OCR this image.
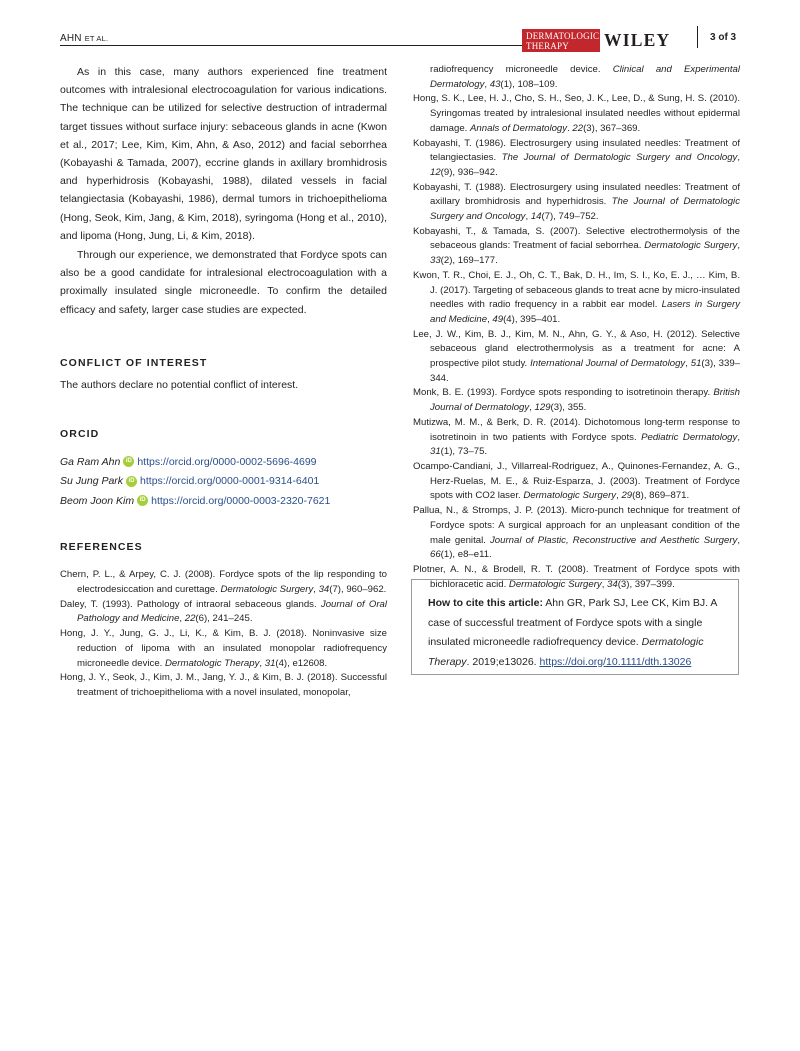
AHN ET AL.	DERMATOLOGIC
THERAPY	WILEY	3 of 3

As in this case, many authors experienced fine treatment outcomes with intralesional electrocoagulation for various indications. The technique can be utilized for selective destruction of intradermal target tissues without surface injury: sebaceous glands in acne (Kwon et al., 2017; Lee, Kim, Kim, Ahn, & Aso, 2012) and facial seborrhea (Kobayashi & Tamada, 2007), eccrine glands in axillary bromhidrosis and hyperhidrosis (Kobayashi, 1988), dilated vessels in facial telangiectasia (Kobayashi, 1986), dermal tumors in trichoepithelioma (Hong, Seok, Kim, Jang, & Kim, 2018), syringoma (Hong et al., 2010), and lipoma (Hong, Jung, Li, & Kim, 2018).

Through our experience, we demonstrated that Fordyce spots can also be a good candidate for intralesional electrocoagulation with a proximally insulated single microneedle. To confirm the detailed efficacy and safety, larger case studies are expected.

CONFLICT OF INTEREST
The authors declare no potential conflict of interest.
ORCID
Ga Ram Ahn iD https://orcid.org/0000-0002-5696-4699
Su Jung Park iD https://orcid.org/0000-0001-9314-6401
Beom Joon Kim iD https://orcid.org/0000-0003-2320-7621
REFERENCES

Chern, P. L., & Arpey, C. J. (2008). Fordyce spots of the lip responding to electrodesiccation and curettage. Dermatologic Surgery, 34(7), 960–962.

Daley, T. (1993). Pathology of intraoral sebaceous glands. Journal of Oral Pathology and Medicine, 22(6), 241–245.

Hong, J. Y., Jung, G. J., Li, K., & Kim, B. J. (2018). Noninvasive size reduction of lipoma with an insulated monopolar radiofrequency microneedle device. Dermatologic Therapy, 31(4), e12608.

Hong, J. Y., Seok, J., Kim, J. M., Jang, Y. J., & Kim, B. J. (2018). Successful treatment of trichoepithelioma with a novel insulated, monopolar,

radiofrequency microneedle device. Clinical and Experimental Dermatology, 43(1), 108–109.

Hong, S. K., Lee, H. J., Cho, S. H., Seo, J. K., Lee, D., & Sung, H. S. (2010). Syringomas treated by intralesional insulated needles without epidermal damage. Annals of Dermatology. 22(3), 367–369.

Kobayashi, T. (1986). Electrosurgery using insulated needles: Treatment of telangiectasies. The Journal of Dermatologic Surgery and Oncology, 12(9), 936–942.

Kobayashi, T. (1988). Electrosurgery using insulated needles: Treatment of axillary bromhidrosis and hyperhidrosis. The Journal of Dermatologic Surgery and Oncology, 14(7), 749–752.

Kobayashi, T., & Tamada, S. (2007). Selective electrothermolysis of the sebaceous glands: Treatment of facial seborrhea. Dermatologic Surgery, 33(2), 169–177.

Kwon, T. R., Choi, E. J., Oh, C. T., Bak, D. H., Im, S. I., Ko, E. J., … Kim, B. J. (2017). Targeting of sebaceous glands to treat acne by micro-insulated needles with radio frequency in a rabbit ear model. Lasers in Surgery and Medicine, 49(4), 395–401.

Lee, J. W., Kim, B. J., Kim, M. N., Ahn, G. Y., & Aso, H. (2012). Selective sebaceous gland electrothermolysis as a treatment for acne: A prospective pilot study. International Journal of Dermatology, 51(3), 339–344.

Monk, B. E. (1993). Fordyce spots responding to isotretinoin therapy. British Journal of Dermatology, 129(3), 355.

Mutizwa, M. M., & Berk, D. R. (2014). Dichotomous long-term response to isotretinoin in two patients with Fordyce spots. Pediatric Dermatology, 31(1), 73–75.

Ocampo-Candiani, J., Villarreal-Rodriguez, A., Quinones-Fernandez, A. G., Herz-Ruelas, M. E., & Ruiz-Esparza, J. (2003). Treatment of Fordyce spots with CO2 laser. Dermatologic Surgery, 29(8), 869–871.

Pallua, N., & Stromps, J. P. (2013). Micro-punch technique for treatment of Fordyce spots: A surgical approach for an unpleasant condition of the male genital. Journal of Plastic, Reconstructive and Aesthetic Surgery, 66(1), e8–e11.

Plotner, A. N., & Brodell, R. T. (2008). Treatment of Fordyce spots with bichloracetic acid. Dermatologic Surgery, 34(3), 397–399.

How to cite this article: Ahn GR, Park SJ, Lee CK, Kim BJ. A case of successful treatment of Fordyce spots with a single insulated microneedle radiofrequency device. Dermatologic Therapy. 2019;e13026. https://doi.org/10.1111/dth.13026
